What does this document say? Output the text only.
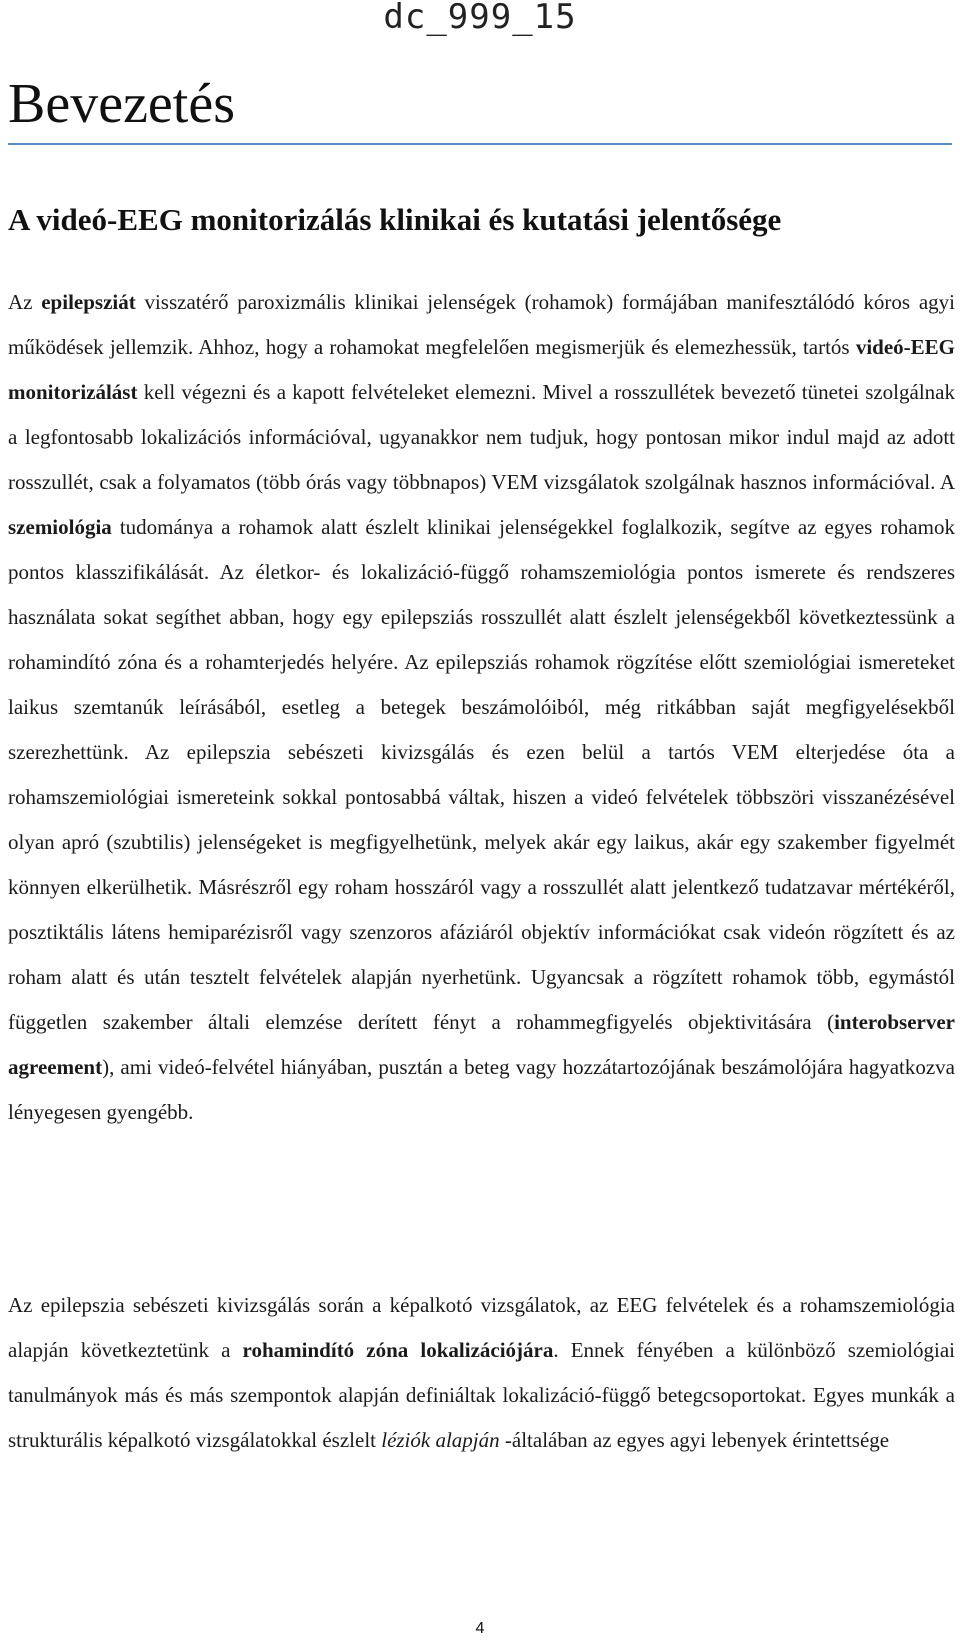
dc_999_15
Bevezetés
A videó-EEG monitorizálás klinikai és kutatási jelentősége

Az epilepsziát visszatérő paroxizmális klinikai jelenségek (rohamok) formájában manifesztálódó kóros agyi működések jellemzik. Ahhoz, hogy a rohamokat megfelelően megismerjük és elemezhessük, tartós videó-EEG monitorizálást kell végezni és a kapott felvételeket elemezni. Mivel a rosszullétek bevezető tünetei szolgálnak a legfontosabb lokalizációs információval, ugyanakkor nem tudjuk, hogy pontosan mikor indul majd az adott rosszullét, csak a folyamatos (több órás vagy többnapos) VEM vizsgálatok szolgálnak hasznos információval. A szemiológia tudománya a rohamok alatt észlelt klinikai jelenségekkel foglalkozik, segítve az egyes rohamok pontos klasszifikálását. Az életkor- és lokalizáció-függő rohamszemiológia pontos ismerete és rendszeres használata sokat segíthet abban, hogy egy epilepsziás rosszullét alatt észlelt jelenségekből következtessünk a rohamindító zóna és a rohamterjedés helyére. Az epilepsziás rohamok rögzítése előtt szemiológiai ismereteket laikus szemtanúk leírásából, esetleg a betegek beszámolóiból, még ritkábban saját megfigyelésekből szerezhettünk. Az epilepszia sebészeti kivizsgálás és ezen belül a tartós VEM elterjedése óta a rohamszemiológiai ismereteink sokkal pontosabbá váltak, hiszen a videó felvételek többszöri visszanézésével olyan apró (szubtilis) jelenségeket is megfigyelhetünk, melyek akár egy laikus, akár egy szakember figyelmét könnyen elkerülhetik. Másrészről egy roham hosszáról vagy a rosszullét alatt jelentkező tudatzavar mértékéről, posztiktális látens hemiparézisről vagy szenzoros afáziáról objektív információkat csak videón rögzített és az roham alatt és után tesztelt felvételek alapján nyerhetünk. Ugyancsak a rögzített rohamok több, egymástól független szakember általi elemzése derített fényt a rohammegfigyelés objektivitására (interobserver agreement), ami videó-felvétel hiányában, pusztán a beteg vagy hozzátartozójának beszámolójára hagyatkozva lényegesen gyengébb.

Az epilepszia sebészeti kivizsgálás során a képalkotó vizsgálatok, az EEG felvételek és a rohamszemiológia alapján következtetünk a rohamindító zóna lokalizációjára. Ennek fényében a különböző szemiológiai tanulmányok más és más szempontok alapján definiáltak lokalizáció-függő betegcsoportokat. Egyes munkák a strukturális képalkotó vizsgálatokkal észlelt léziók alapján -általában az egyes agyi lebenyek érintettsége

4
